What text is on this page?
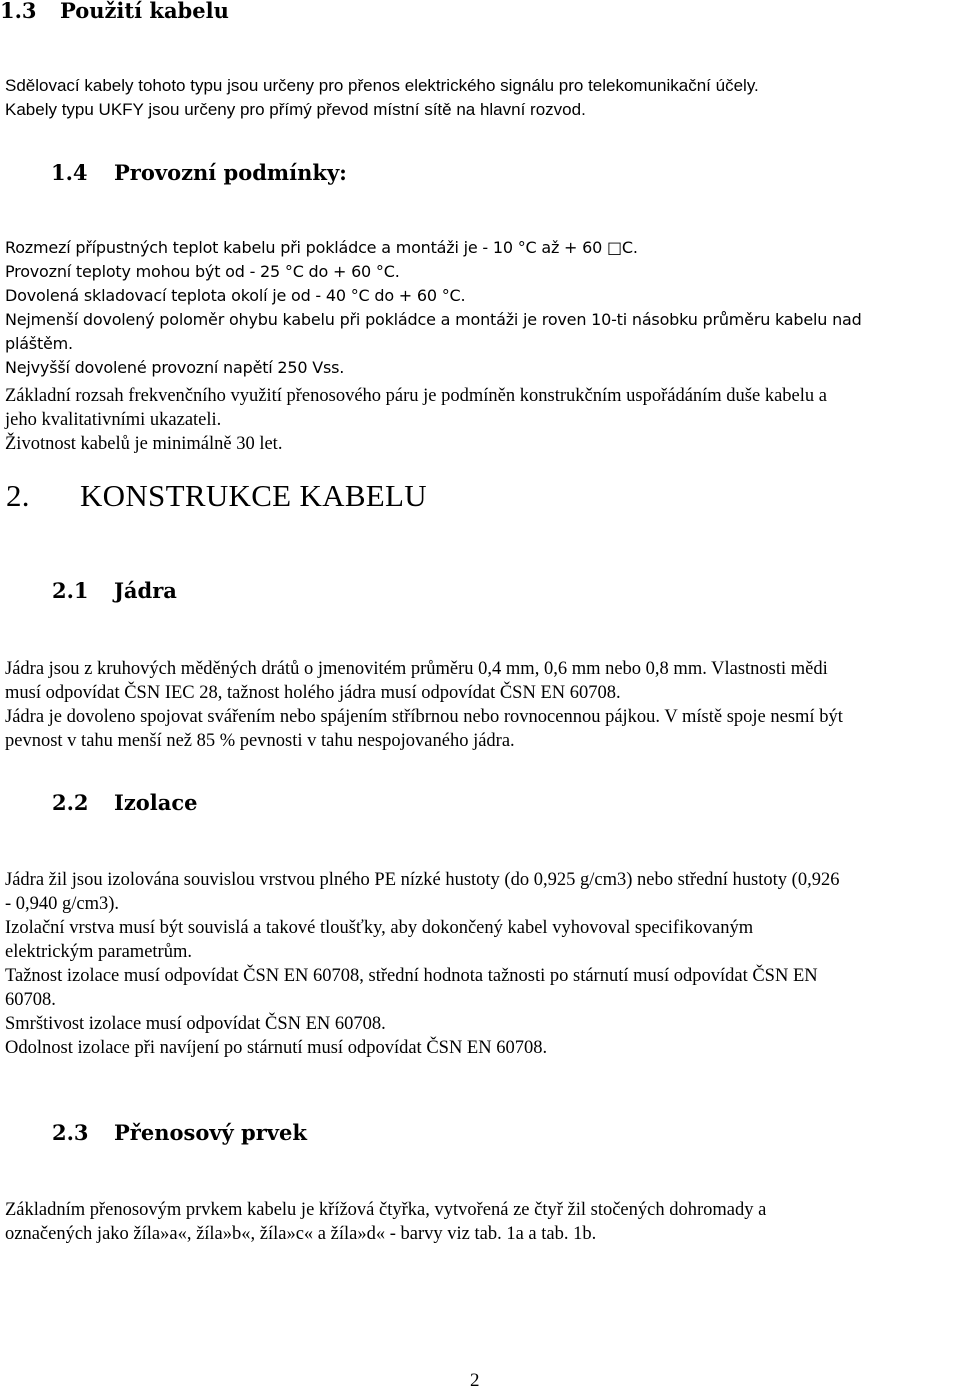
1.3 Použití kabelu
Sdělovací kabely tohoto typu jsou určeny pro přenos elektrického signálu pro telekomunikační účely.
Kabely typu UKFY jsou určeny pro přímý převod místní sítě na hlavní rozvod.
1.4 Provozní podmínky:
Rozmezí přípustných teplot kabelu při pokládce a montáži je - 10 °C až + 60 □C.
Provozní teploty mohou být od - 25 °C do + 60 °C.
Dovolená skladovací teplota okolí je od - 40 °C do + 60 °C.
Nejmenší dovolený poloměr ohybu kabelu při pokládce a montáži je roven 10-ti násobku průměru kabelu nad
pláštěm.
Nejvyšší dovolené provozní napětí 250 Vss.
Základní rozsah frekvenčního využití přenosového páru je podmíněn konstrukčním uspořádáním duše kabelu a
jeho kvalitativními ukazateli.
Životnost kabelů je minimálně 30 let.
2. KONSTRUKCE KABELU
2.1 Jádra
Jádra jsou z kruhových měděných drátů o jmenovitém průměru 0,4 mm, 0,6 mm nebo 0,8 mm. Vlastnosti mědi
musí odpovídat ČSN IEC 28, tažnost holého jádra musí odpovídat ČSN EN 60708.
Jádra je dovoleno spojovat svářením nebo spájením stříbrnou nebo rovnocennou pájkou. V místě spoje nesmí být
pevnost v tahu menší než 85 % pevnosti v tahu nespojovaného jádra.
2.2 Izolace
Jádra žil jsou izolována souvislou vrstvou plného PE nízké hustoty (do 0,925 g/cm3) nebo střední hustoty (0,926
- 0,940 g/cm3).
Izolační vrstva musí být souvislá a takové tloušťky, aby dokončený kabel vyhovoval specifikovaným
elektrickým parametrům.
Tažnost izolace musí odpovídat ČSN EN 60708, střední hodnota tažnosti po stárnutí musí odpovídat ČSN EN
60708.
Smrštivost izolace musí odpovídat ČSN EN 60708.
Odolnost izolace při navíjení po stárnutí musí odpovídat ČSN EN 60708.
2.3 Přenosový prvek
Základním přenosovým prvkem kabelu je křížová čtyřka, vytvořená ze čtyř žil stočených dohromady a
označených jako žíla»a«, žíla»b«, žíla»c« a žíla»d« - barvy viz tab. 1a a tab. 1b.

2
